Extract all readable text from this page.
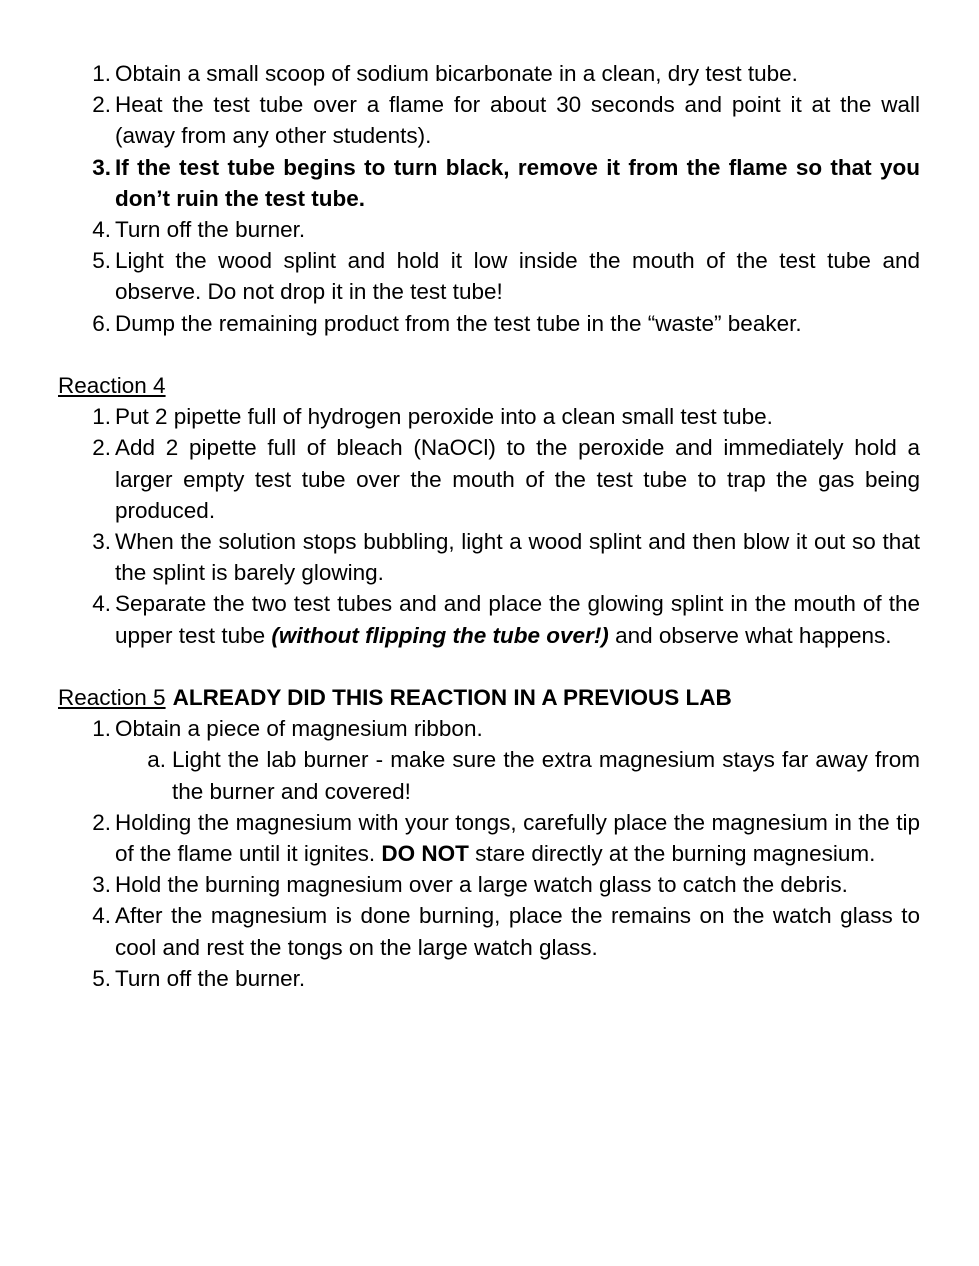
1. Obtain a small scoop of sodium bicarbonate in a clean, dry test tube.
2. Heat the test tube over a flame for about 30 seconds and point it at the wall (away from any other students).
3. If the test tube begins to turn black, remove it from the flame so that you don’t ruin the test tube.
4. Turn off the burner.
5. Light the wood splint and hold it low inside the mouth of the test tube and observe. Do not drop it in the test tube!
6. Dump the remaining product from the test tube in the “waste” beaker.
Reaction 4
1. Put 2 pipette full of hydrogen peroxide into a clean small test tube.
2. Add 2 pipette full of bleach (NaOCl) to the peroxide and immediately hold a larger empty test tube over the mouth of the test tube to trap the gas being produced.
3. When the solution stops bubbling, light a wood splint and then blow it out so that the splint is barely glowing.
4. Separate the two test tubes and and place the glowing splint in the mouth of the upper test tube (without flipping the tube over!) and observe what happens.
Reaction 5 ALREADY DID THIS REACTION IN A PREVIOUS LAB
1. Obtain a piece of magnesium ribbon.
a. Light the lab burner - make sure the extra magnesium stays far away from the burner and covered!
2. Holding the magnesium with your tongs, carefully place the magnesium in the tip of the flame until it ignites. DO NOT stare directly at the burning magnesium.
3. Hold the burning magnesium over a large watch glass to catch the debris.
4. After the magnesium is done burning, place the remains on the watch glass to cool and rest the tongs on the large watch glass.
5. Turn off the burner.
